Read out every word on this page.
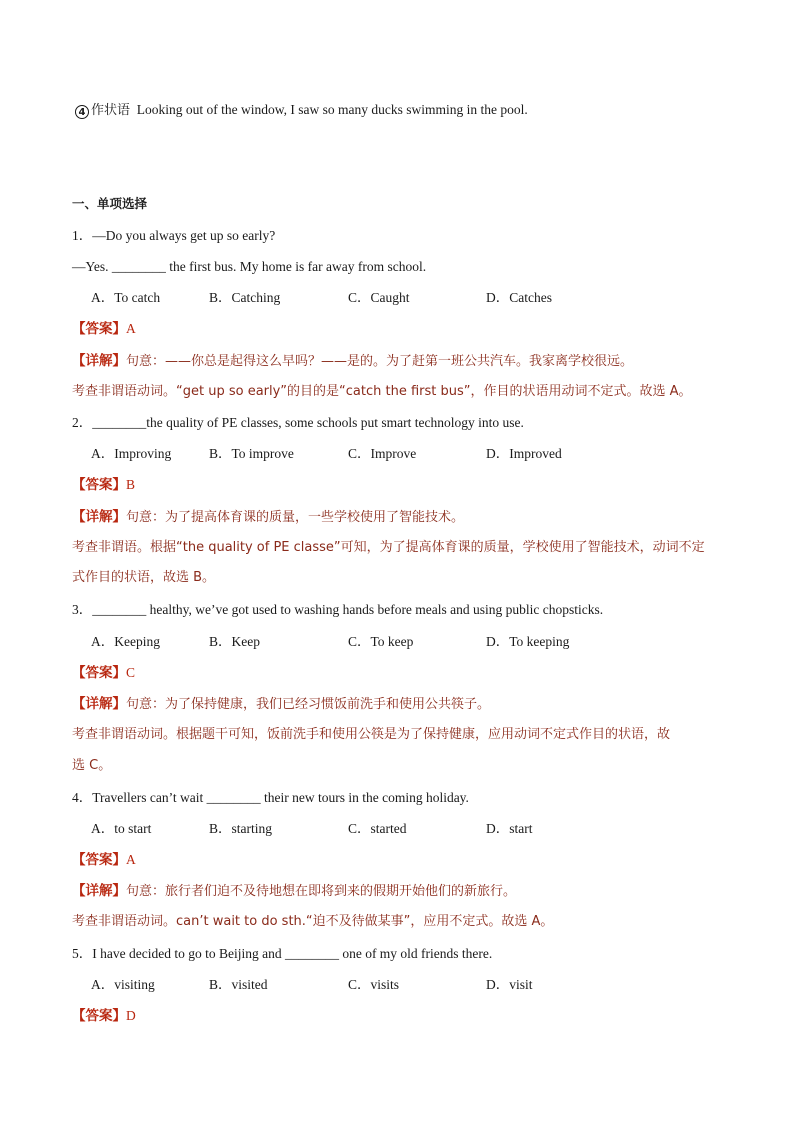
4 作状语 Looking out of the window, I saw so many ducks swimming in the pool.
一、单项选择
1．—Do you always get up so early?
—Yes. ________ the first bus. My home is far away from school.
A．To catch	B．Catching	C．Caught	D．Catches
【答案】A
【详解】句意：——你总是起得这么早吗？——是的。为了赶第一班公共汽车。我家离学校很远。
考查非谓语动词。“get up so early”的目的是“catch the first bus”，作目的状语用动词不定式。故选 A。
2．________the quality of PE classes, some schools put smart technology into use.
A．Improving	B．To improve	C．Improve	D．Improved
【答案】B
【详解】句意：为了提高体育课的质量，一些学校使用了智能技术。
考查非谓语。根据“the quality of PE classe”可知，为了提高体育课的质量，学校使用了智能技术，动词不定
式作目的状语，故选 B。
3．________ healthy, we’ve got used to washing hands before meals and using public chopsticks.
A．Keeping	B．Keep	C．To keep	D．To keeping
【答案】C
【详解】句意：为了保持健康，我们已经习惯饭前洗手和使用公共筷子。
考查非谓语动词。根据题干可知，饭前洗手和使用公筷是为了保持健康，应用动词不定式作目的状语，故
选 C。
4．Travellers can’t wait ________ their new tours in the coming holiday.
A．to start	B．starting	C．started	D．start
【答案】A
【详解】句意：旅行者们迫不及待地想在即将到来的假期开始他们的新旅行。
考查非谓语动词。can’t wait to do sth.“迫不及待做某事”，应用不定式。故选 A。
5．I have decided to go to Beijing and ________ one of my old friends there.
A．visiting	B．visited	C．visits	D．visit
【答案】D
